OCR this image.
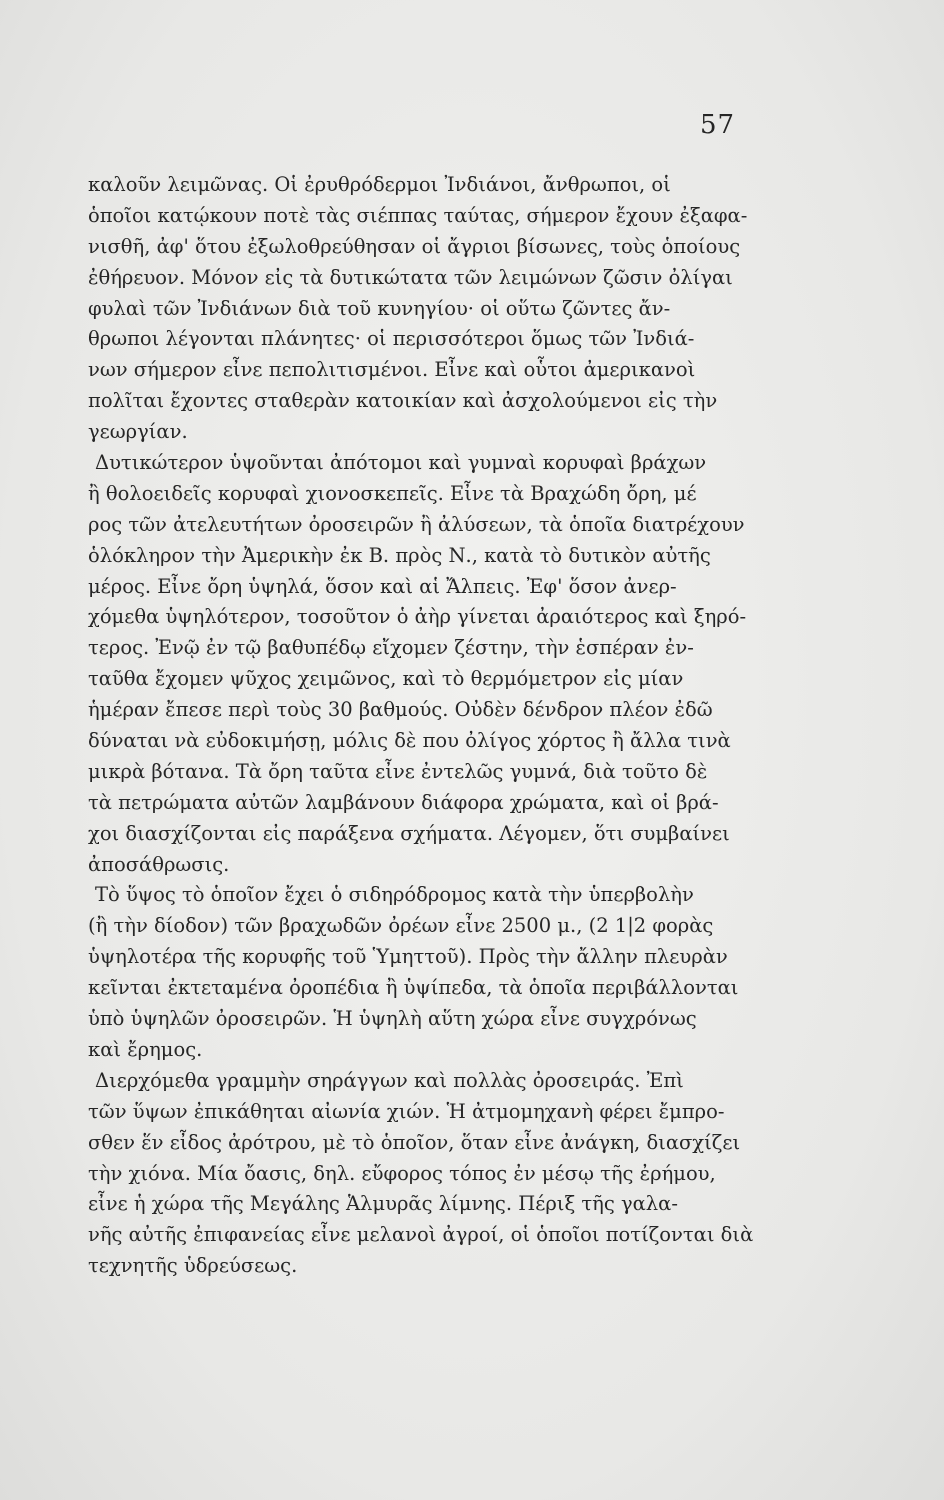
57
καλοῦν λειμῶνας. Οἱ ἐρυθρόδερμοι Ἰνδιάνοι, ἄνθρωποι, οἱ
ὁποῖοι κατῴκουν ποτὲ τὰς σιέππας ταύτας, σήμερον ἔχουν ἐξαφα-
νισθῆ, ἀφ' ὅτου ἐξωλοθρεύθησαν οἱ ἄγριοι βίσωνες, τοὺς ὁποίους
ἐθήρευον. Μόνον εἰς τὰ δυτικώτατα τῶν λειμώνων ζῶσιν ὀλίγαι
φυλαὶ τῶν Ἰνδιάνων διὰ τοῦ κυνηγίου· οἱ οὕτω ζῶντες ἄν-
θρωποι λέγονται πλάνητες· οἱ περισσότεροι ὅμως τῶν Ἰνδιά-
νων σήμερον εἶνε πεπολιτισμένοι. Εἶνε καὶ οὗτοι ἀμερικανοὶ
πολῖται ἔχοντες σταθερὰν κατοικίαν καὶ ἀσχολούμενοι εἰς τὴν
γεωργίαν.
Δυτικώτερον ὑψοῦνται ἀπότομοι καὶ γυμναὶ κορυφαὶ βράχων
ἢ θολοειδεῖς κορυφαὶ χιονοσκεπεῖς. Εἶνε τὰ Βραχώδη ὄρη, μέ
ρος τῶν ἀτελευτήτων ὀροσειρῶν ἢ ἀλύσεων, τὰ ὁποῖα διατρέχουν
ὁλόκληρον τὴν Ἀμερικὴν ἐκ Β. πρὸς Ν., κατὰ τὸ δυτικὸν αὐτῆς
μέρος. Εἶνε ὄρη ὑψηλά, ὅσον καὶ αἱ Ἄλπεις. Ἐφ' ὅσον ἀνερ-
χόμεθα ὑψηλότερον, τοσοῦτον ὁ ἀὴρ γίνεται ἀραιότερος καὶ ξηρό-
τερος. Ἐνῷ ἐν τῷ βαθυπέδῳ εἴχομεν ζέστην, τὴν ἑσπέραν ἐν-
ταῦθα ἔχομεν ψῦχος χειμῶνος, καὶ τὸ θερμόμετρον εἰς μίαν
ἡμέραν ἔπεσε περὶ τοὺς 30 βαθμούς. Οὐδὲν δένδρον πλέον ἐδῶ
δύναται νὰ εὐδοκιμήσῃ, μόλις δὲ που ὀλίγος χόρτος ἢ ἄλλα τινὰ
μικρὰ βότανα. Τὰ ὄρη ταῦτα εἶνε ἐντελῶς γυμνά, διὰ τοῦτο δὲ
τὰ πετρώματα αὐτῶν λαμβάνουν διάφορα χρώματα, καὶ οἱ βρά-
χοι διασχίζονται εἰς παράξενα σχήματα. Λέγομεν, ὅτι συμβαίνει
ἀποσάθρωσις.
Τὸ ὕψος τὸ ὁποῖον ἔχει ὁ σιδηρόδρομος κατὰ τὴν ὑπερβολὴν
(ἢ τὴν δίοδον) τῶν βραχωδῶν ὀρέων εἶνε 2500 μ., (2 1|2 φορὰς
ὑψηλοτέρα τῆς κορυφῆς τοῦ Ὑμηττοῦ). Πρὸς τὴν ἄλλην πλευρὰν
κεῖνται ἐκτεταμένα ὀροπέδια ἢ ὑψίπεδα, τὰ ὁποῖα περιβάλλονται
ὑπὸ ὑψηλῶν ὀροσειρῶν. Ἡ ὑψηλὴ αὕτη χώρα εἶνε συγχρόνως
καὶ ἔρημος.
Διερχόμεθα γραμμὴν σηράγγων καὶ πολλὰς ὀροσειράς. Ἐπὶ
τῶν ὕψων ἐπικάθηται αἰωνία χιών. Ἡ ἀτμομηχανὴ φέρει ἔμπρο-
σθεν ἕν εἶδος ἀρότρου, μὲ τὸ ὁποῖον, ὅταν εἶνε ἀνάγκη, διασχίζει
τὴν χιόνα. Μία ὄασις, δηλ. εὔφορος τόπος ἐν μέσῳ τῆς ἐρήμου,
εἶνε ἡ χώρα τῆς Μεγάλης Ἁλμυρᾶς λίμνης. Πέριξ τῆς γαλα-
νῆς αὐτῆς ἐπιφανείας εἶνε μελανοὶ ἀγροί, οἱ ὁποῖοι ποτίζονται διὰ
τεχνητῆς ὑδρεύσεως.
